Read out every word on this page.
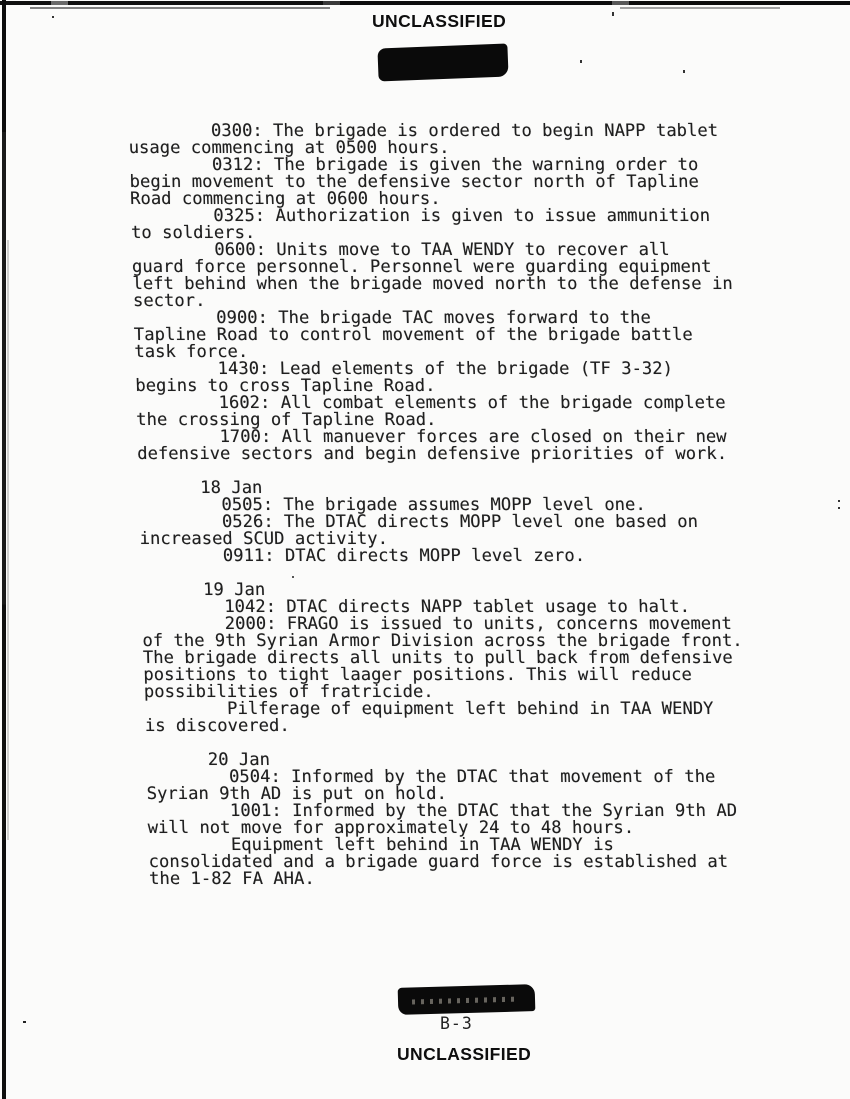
UNCLASSIFIED
0300: The brigade is ordered to begin NAPP tablet
usage commencing at 0500 hours.
0312: The brigade is given the warning order to
begin movement to the defensive sector north of Tapline
Road commencing at 0600 hours.
0325: Authorization is given to issue ammunition
to soldiers.
0600: Units move to TAA WENDY to recover all
guard force personnel. Personnel were guarding equipment
left behind when the brigade moved north to the defense in
sector.
0900: The brigade TAC moves forward to the
Tapline Road to control movement of the brigade battle
task force.
1430: Lead elements of the brigade (TF 3-32)
begins to cross Tapline Road.
1602: All combat elements of the brigade complete
the crossing of Tapline Road.
1700: All manuever forces are closed on their new
defensive sectors and begin defensive priorities of work.
18 Jan
0505: The brigade assumes MOPP level one.
0526: The DTAC directs MOPP level one based on
increased SCUD activity.
0911: DTAC directs MOPP level zero.
19 Jan
1042: DTAC directs NAPP tablet usage to halt.
2000: FRAGO is issued to units, concerns movement
of the 9th Syrian Armor Division across the brigade front.
The brigade directs all units to pull back from defensive
positions to tight laager positions. This will reduce
possibilities of fratricide.
Pilferage of equipment left behind in TAA WENDY
is discovered.
20 Jan
0504: Informed by the DTAC that movement of the
Syrian 9th AD is put on hold.
1001: Informed by the DTAC that the Syrian 9th AD
will not move for approximately 24 to 48 hours.
Equipment left behind in TAA WENDY is
consolidated and a brigade guard force is established at
the 1-82 FA AHA.
B-3
UNCLASSIFIED
